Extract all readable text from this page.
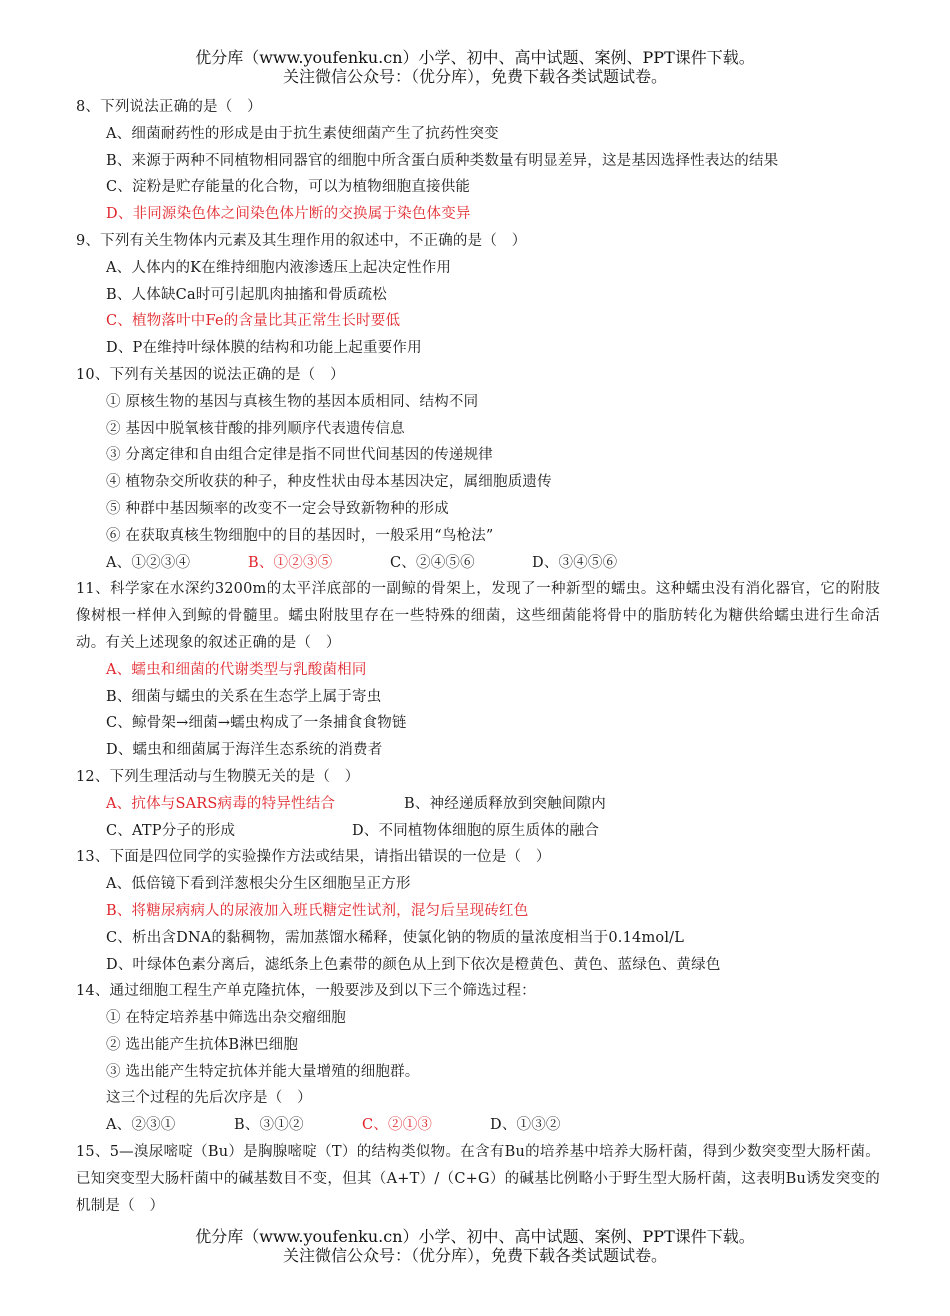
优分库（www.youfenku.cn）小学、初中、高中试题、案例、PPT课件下载。
关注微信公众号：（优分库），免费下载各类试题试卷。
8、下列说法正确的是（　）
A、细菌耐药性的形成是由于抗生素使细菌产生了抗药性突变
B、来源于两种不同植物相同器官的细胞中所含蛋白质种类数量有明显差异，这是基因选择性表达的结果
C、淀粉是贮存能量的化合物，可以为植物细胞直接供能
D、非同源染色体之间染色体片断的交换属于染色体变异
9、下列有关生物体内元素及其生理作用的叙述中，不正确的是（　）
A、人体内的K在维持细胞内液渗透压上起决定性作用
B、人体缺Ca时可引起肌肉抽搐和骨质疏松
C、植物落叶中Fe的含量比其正常生长时要低
D、P在维持叶绿体膜的结构和功能上起重要作用
10、下列有关基因的说法正确的是（　）
① 原核生物的基因与真核生物的基因本质相同、结构不同
② 基因中脱氧核苷酸的排列顺序代表遗传信息
③ 分离定律和自由组合定律是指不同世代间基因的传递规律
④ 植物杂交所收获的种子，种皮性状由母本基因决定，属细胞质遗传
⑤ 种群中基因频率的改变不一定会导致新物种的形成
⑥ 在获取真核生物细胞中的目的基因时，一般采用“鸟枪法”
A、①②③④	B、①②③⑤	C、②④⑤⑥	D、③④⑤⑥
11、科学家在水深约3200m的太平洋底部的一副鲸的骨架上，发现了一种新型的蠕虫。这种蠕虫没有消化器官，它的附肢像树根一样伸入到鲸的骨髓里。蠕虫附肢里存在一些特殊的细菌，这些细菌能将骨中的脂肪转化为糖供给蠕虫进行生命活动。有关上述现象的叙述正确的是（　）
A、蠕虫和细菌的代谢类型与乳酸菌相同
B、细菌与蠕虫的关系在生态学上属于寄虫
C、鲸骨架→细菌→蠕虫构成了一条捕食食物链
D、蠕虫和细菌属于海洋生态系统的消费者
12、下列生理活动与生物膜无关的是（　）
A、抗体与SARS病毒的特异性结合	B、神经递质释放到突触间隙内
C、ATP分子的形成	D、不同植物体细胞的原生质体的融合
13、下面是四位同学的实验操作方法或结果，请指出错误的一位是（　）
A、低倍镜下看到洋葱根尖分生区细胞呈正方形
B、将糖尿病病人的尿液加入班氏糖定性试剂，混匀后呈现砖红色
C、析出含DNA的黏稠物，需加蒸馏水稀释，使氯化钠的物质的量浓度相当于0.14mol/L
D、叶绿体色素分离后，滤纸条上色素带的颜色从上到下依次是橙黄色、黄色、蓝绿色、黄绿色
14、通过细胞工程生产单克隆抗体，一般要涉及到以下三个筛选过程：
① 在特定培养基中筛选出杂交瘤细胞
② 选出能产生抗体B淋巴细胞
③ 选出能产生特定抗体并能大量增殖的细胞群。
这三个过程的先后次序是（　）
A、②③①	B、③①②	C、②①③	D、①③②
15、5—溴尿嘧啶（Bu）是胸腺嘧啶（T）的结构类似物。在含有Bu的培养基中培养大肠杆菌，得到少数突变型大肠杆菌。已知突变型大肠杆菌中的碱基数目不变，但其（A+T）/（C+G）的碱基比例略小于野生型大肠杆菌，这表明Bu诱发突变的机制是（　）
优分库（www.youfenku.cn）小学、初中、高中试题、案例、PPT课件下载。
关注微信公众号：（优分库），免费下载各类试题试卷。
